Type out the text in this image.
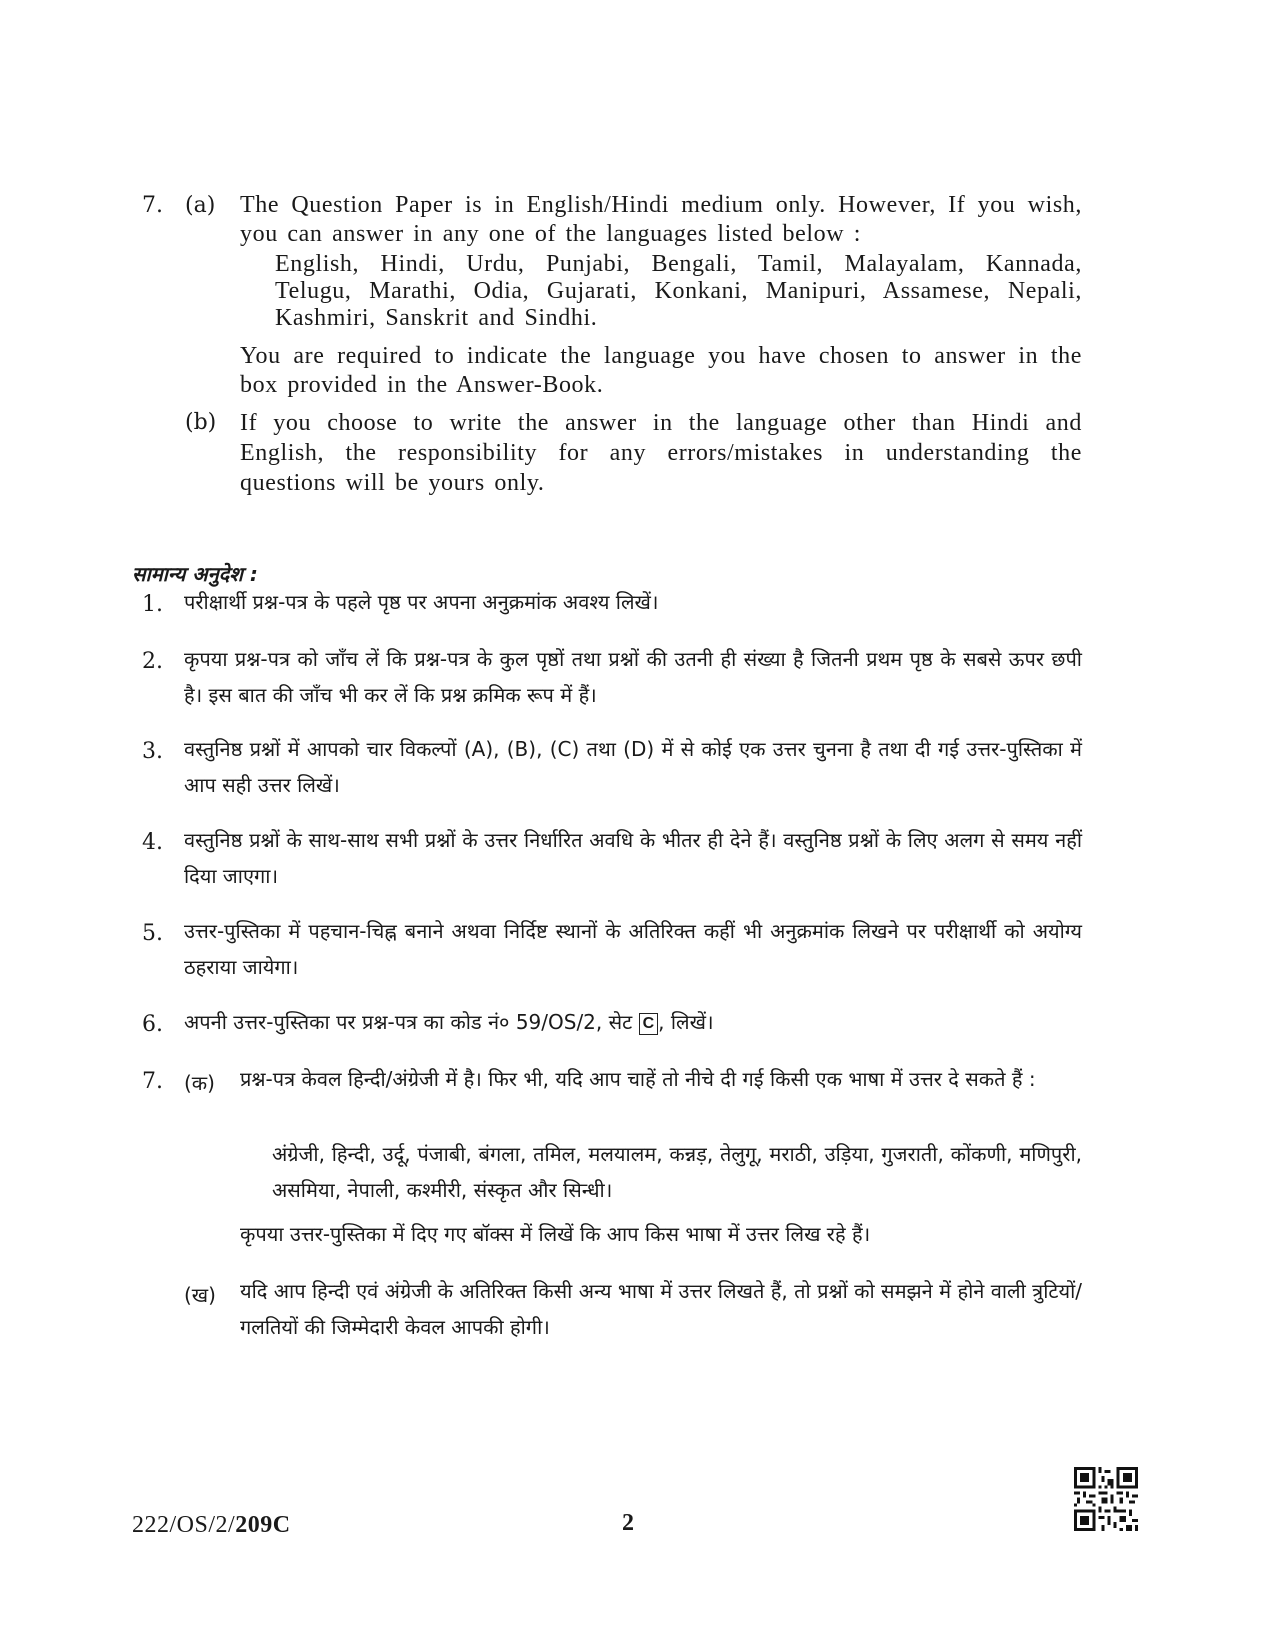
7. (a) The Question Paper is in English/Hindi medium only. However, If you wish, you can answer in any one of the languages listed below :
English, Hindi, Urdu, Punjabi, Bengali, Tamil, Malayalam, Kannada, Telugu, Marathi, Odia, Gujarati, Konkani, Manipuri, Assamese, Nepali, Kashmiri, Sanskrit and Sindhi.
You are required to indicate the language you have chosen to answer in the box provided in the Answer-Book.
(b) If you choose to write the answer in the language other than Hindi and English, the responsibility for any errors/mistakes in understanding the questions will be yours only.
सामान्य अनुदेश :
1. परीक्षार्थी प्रश्न-पत्र के पहले पृष्ठ पर अपना अनुक्रमांक अवश्य लिखें।
2. कृपया प्रश्न-पत्र को जाँच लें कि प्रश्न-पत्र के कुल पृष्ठों तथा प्रश्नों की उतनी ही संख्या है जितनी प्रथम पृष्ठ के सबसे ऊपर छपी है। इस बात की जाँच भी कर लें कि प्रश्न क्रमिक रूप में हैं।
3. वस्तुनिष्ठ प्रश्नों में आपको चार विकल्पों (A), (B), (C) तथा (D) में से कोई एक उत्तर चुनना है तथा दी गई उत्तर-पुस्तिका में आप सही उत्तर लिखें।
4. वस्तुनिष्ठ प्रश्नों के साथ-साथ सभी प्रश्नों के उत्तर निर्धारित अवधि के भीतर ही देने हैं। वस्तुनिष्ठ प्रश्नों के लिए अलग से समय नहीं दिया जाएगा।
5. उत्तर-पुस्तिका में पहचान-चिह्न बनाने अथवा निर्दिष्ट स्थानों के अतिरिक्त कहीं भी अनुक्रमांक लिखने पर परीक्षार्थी को अयोग्य ठहराया जायेगा।
6. अपनी उत्तर-पुस्तिका पर प्रश्न-पत्र का कोड नं० 59/OS/2, सेट C , लिखें।
7. (क) प्रश्न-पत्र केवल हिन्दी/अंग्रेजी में है। फिर भी, यदि आप चाहें तो नीचे दी गई किसी एक भाषा में उत्तर दे सकते हैं :
अंग्रेजी, हिन्दी, उर्दू, पंजाबी, बंगला, तमिल, मलयालम, कन्नड़, तेलुगू, मराठी, उड़िया, गुजराती, कोंकणी, मणिपुरी, असमिया, नेपाली, कश्मीरी, संस्कृत और सिन्धी।
कृपया उत्तर-पुस्तिका में दिए गए बॉक्स में लिखें कि आप किस भाषा में उत्तर लिख रहे हैं।
(ख) यदि आप हिन्दी एवं अंग्रेजी के अतिरिक्त किसी अन्य भाषा में उत्तर लिखते हैं, तो प्रश्नों को समझने में होने वाली त्रुटियों/गलतियों की जिम्मेदारी केवल आपकी होगी।
222/OS/2/209C	2
